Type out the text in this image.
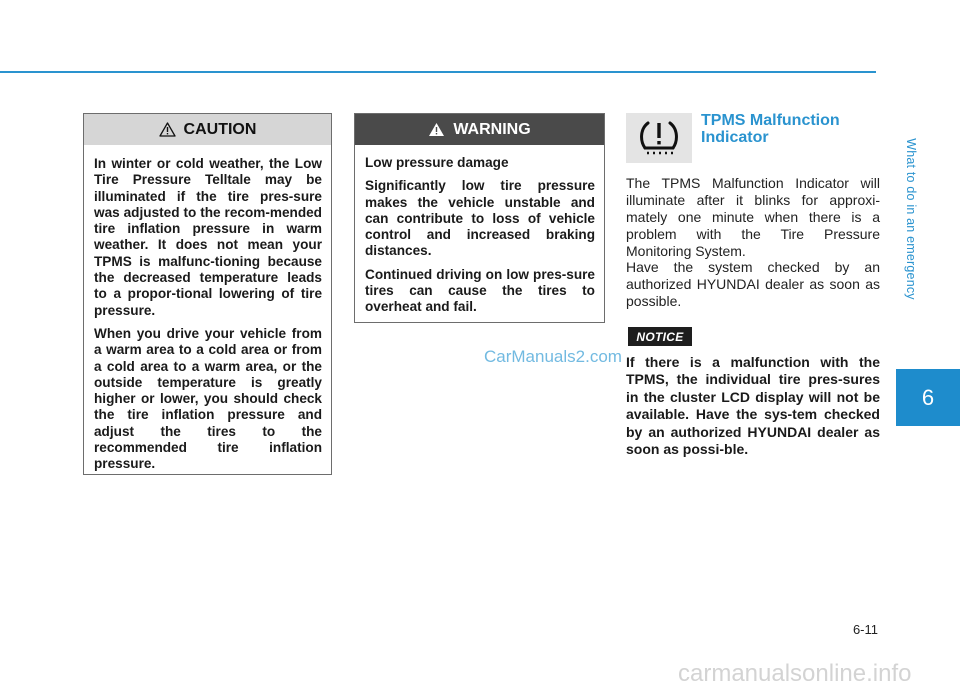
What to do in an emergency
6
6-11
CAUTION

In winter or cold weather, the Low Tire Pressure Telltale may be illuminated if the tire pres-sure was adjusted to the recom-mended tire inflation pressure in warm weather. It does not mean your TPMS is malfunc-tioning because the decreased temperature leads to a propor-tional lowering of tire pressure.

When you drive your vehicle from a warm area to a cold area or from a cold area to a warm area, or the outside temperature is greatly higher or lower, you should check the tire inflation pressure and adjust the tires to the recommended tire inflation pressure.

WARNING

Low pressure damage

Significantly low tire pressure makes the vehicle unstable and can contribute to loss of vehicle control and increased braking distances.

Continued driving on low pres-sure tires can cause the tires to overheat and fail.

TPMS Malfunction Indicator

The TPMS Malfunction Indicator will illuminate after it blinks for approxi-mately one minute when there is a problem with the Tire Pressure Monitoring System.

Have the system checked by an authorized HYUNDAI dealer as soon as possible.

NOTICE

If there is a malfunction with the TPMS, the individual tire pres-sures in the cluster LCD display will not be available. Have the sys-tem checked by an authorized HYUNDAI dealer as soon as possi-ble.

CarManuals2.com
carmanualsonline.info
